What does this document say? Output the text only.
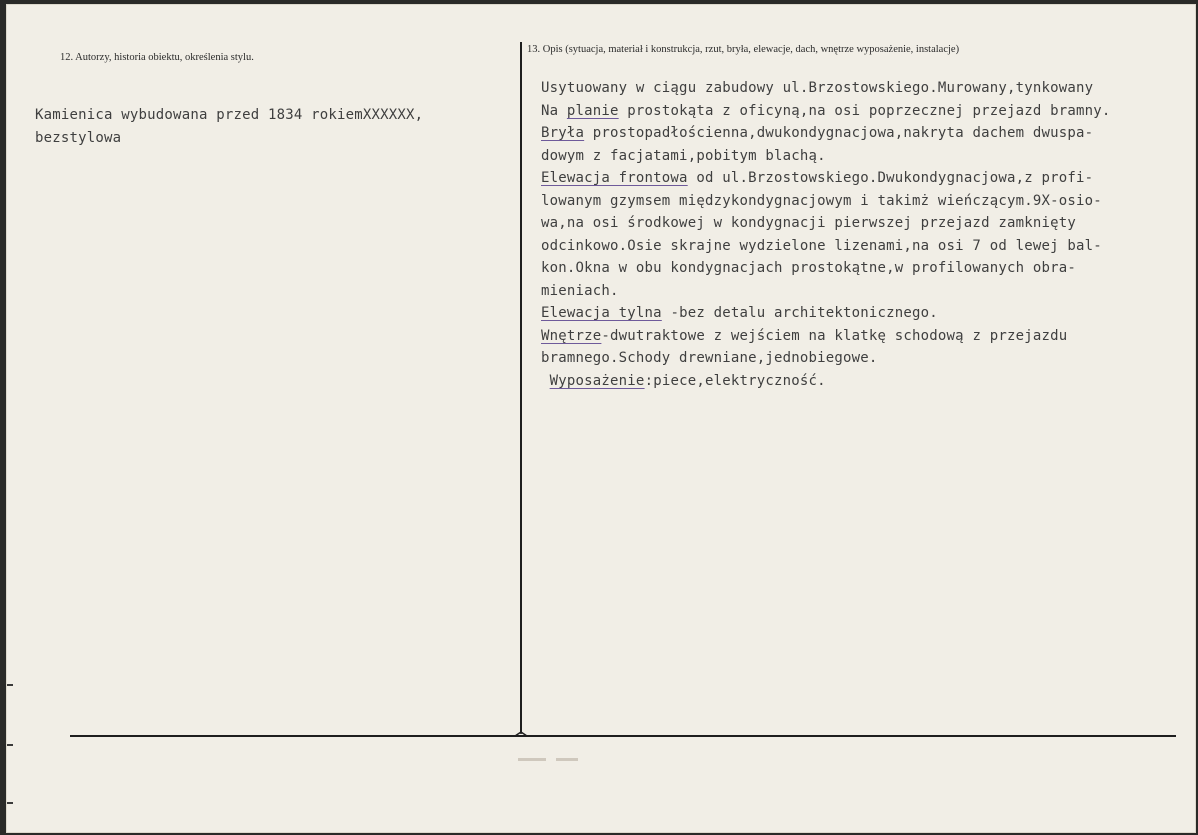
12. Autorzy, historia obiektu, określenia stylu.
13. Opis (sytuacja, materiał i konstrukcja, rzut, bryła, elewacje, dach, wnętrze wyposażenie, instalacje)
Kamienica wybudowana przed 1834 rokiemXXXXXX,
bezstylowa
Usytuowany w ciągu zabudowy ul.Brzostowskiego.Murowany,tynkowany
Na planie prostokąta z oficyną,na osi poprzecznej przejazd bramny.
Bryła prostopadłościenna,dwukondygnacjowa,nakryta dachem dwuspa-
dowym z facjatami,pobitym blachą.
Elewacja frontowa od ul.Brzostowskiego.Dwukondygnacjowa,z profi-
lowanym gzymsem międzykondygnacjowym i takimż wieńczącym.9X-osio-
wa,na osi środkowej w kondygnacji pierwszej przejazd zamknięty
odcinkowo.Osie skrajne wydzielone lizenami,na osi 7 od lewej bal-
kon.Okna w obu kondygnacjach prostokątne,w profilowanych obra-
mieniach.
Elewacja tylna -bez detalu architektonicznego.
Wnętrze-dwutraktowe z wejściem na klatkę schodową z przejazdu
bramnego.Schody drewniane,jednobiegowe.
Wyposażenie:piece,elektryczność.
